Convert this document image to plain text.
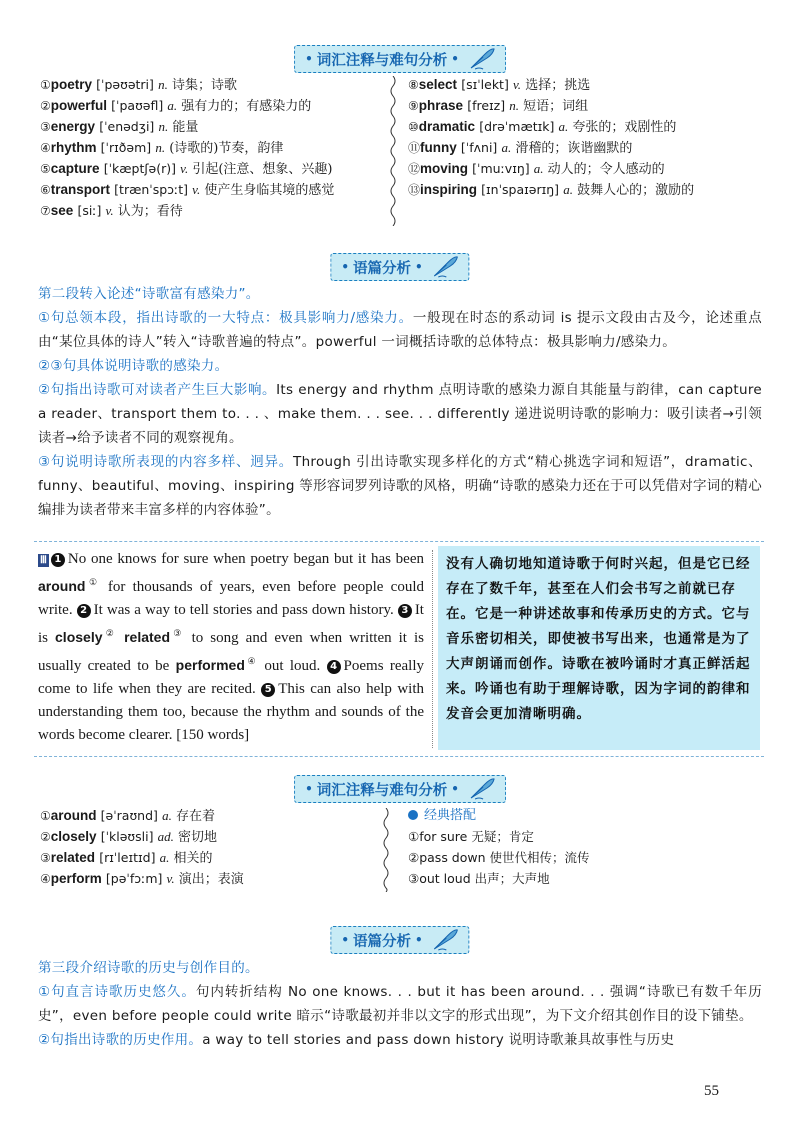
• 词汇注释与难句分析 •
①poetry [ˈpəʊətri] n. 诗集；诗歌
②powerful [ˈpaʊəfl] a. 强有力的；有感染力的
③energy [ˈenədʒi] n. 能量
④rhythm [ˈrɪðəm] n. (诗歌的)节奏，韵律
⑤capture [ˈkæptʃə(r)] v. 引起(注意、想象、兴趣)
⑥transport [trænˈspɔːt] v. 使产生身临其境的感觉
⑦see [siː] v. 认为；看待
⑧select [sɪˈlekt] v. 选择；挑选
⑨phrase [freɪz] n. 短语；词组
⑩dramatic [drəˈmætɪk] a. 夸张的；戏剧性的
⑪funny [ˈfʌni] a. 滑稽的；诙谐幽默的
⑫moving [ˈmuːvɪŋ] a. 动人的；令人感动的
⑬inspiring [ɪnˈspaɪərɪŋ] a. 鼓舞人心的；激励的
• 语篇分析 •

第二段转入论述“诗歌富有感染力”。

①句总领本段，指出诗歌的一大特点：极具影响力/感染力。一般现在时态的系动词 is 提示文段由古及今，论述重点由“某位具体的诗人”转入“诗歌普遍的特点”。powerful 一词概括诗歌的总体特点：极具影响力/感染力。

②③句具体说明诗歌的感染力。

②句指出诗歌可对读者产生巨大影响。Its energy and rhythm 点明诗歌的感染力源自其能量与韵律，can capture a reader、transport them to. . . 、make them. . . see. . . differently 递进说明诗歌的影响力：吸引读者→引领读者→给予读者不同的观察视角。

③句说明诗歌所表现的内容多样、迥异。Through 引出诗歌实现多样化的方式“精心挑选字词和短语”，dramatic、funny、beautiful、moving、inspiring 等形容词罗列诗歌的风格，明确“诗歌的感染力还在于可以凭借对字词的精心编排为读者带来丰富多样的内容体验”。

Ⅲ 1 No one knows for sure when poetry began but it has been around① for thousands of years, even before people could write. 2 It was a way to tell stories and pass down history. 3 It is closely② related③ to song and even when written it is usually created to be performed④ out loud. 4 Poems really come to life when they are recited. 5 This can also help with understanding them too, because the rhythm and sounds of the words become clearer. [150 words]
没有人确切地知道诗歌于何时兴起，但是它已经存在了数千年，甚至在人们会书写之前就已存在。它是一种讲述故事和传承历史的方式。它与音乐密切相关，即使被书写出来，也通常是为了大声朗诵而创作。诗歌在被吟诵时才真正鲜活起来。吟诵也有助于理解诗歌，因为字词的韵律和发音会更加清晰明确。
• 词汇注释与难句分析 •
①around [əˈraʊnd] a. 存在着
②closely [ˈkləʊsli] ad. 密切地
③related [rɪˈleɪtɪd] a. 相关的
④perform [pəˈfɔːm] v. 演出；表演
经典搭配
①for sure 无疑；肯定
②pass down 使世代相传；流传
③out loud 出声；大声地
• 语篇分析 •

第三段介绍诗歌的历史与创作目的。

①句直言诗歌历史悠久。句内转折结构 No one knows. . . but it has been around. . . 强调“诗歌已有数千年历史”，even before people could write 暗示“诗歌最初并非以文字的形式出现”，为下文介绍其创作目的设下铺垫。

②句指出诗歌的历史作用。a way to tell stories and pass down history 说明诗歌兼具故事性与历史

55
